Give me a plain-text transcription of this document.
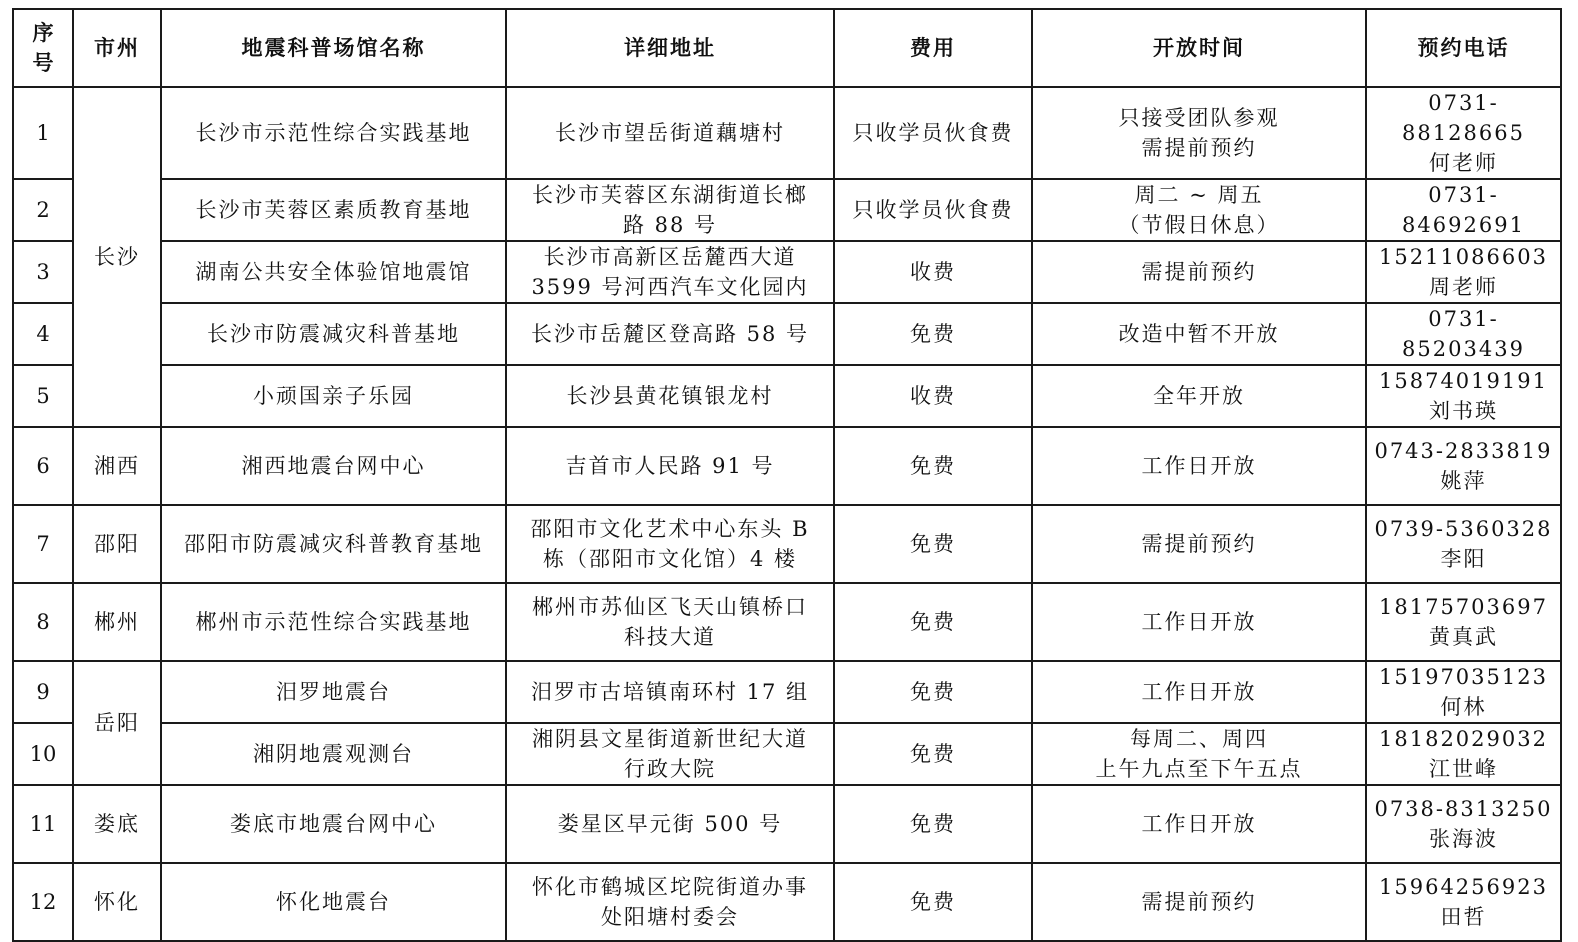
序
号	市州	地震科普场馆名称	详细地址	费用	开放时间	预约电话
1	长沙	长沙市示范性综合实践基地	长沙市望岳街道藕塘村	只收学员伙食费	只接受团队参观
需提前预约	0731-88128665
何老师

2		长沙市芙蓉区素质教育基地	长沙市芙蓉区东湖街道长榔
路 88 号	只收学员伙食费	周二 ~ 周五
（节假日休息）	0731-84692691

3		湖南公共安全体验馆地震馆	长沙市高新区岳麓西大道
3599 号河西汽车文化园内	收费	需提前预约	15211086603
周老师

4		长沙市防震减灾科普基地	长沙市岳麓区登高路 58 号	免费	改造中暂不开放	0731-85203439

5		小顽国亲子乐园	长沙县黄花镇银龙村	收费	全年开放	15874019191
刘书瑛

6	湘西	湘西地震台网中心	吉首市人民路 91 号	免费	工作日开放	0743-2833819
姚萍

7	邵阳	邵阳市防震减灾科普教育基地	邵阳市文化艺术中心东头 B
栋（邵阳市文化馆）4 楼	免费	需提前预约	0739-5360328
李阳

8	郴州	郴州市示范性综合实践基地	郴州市苏仙区飞天山镇桥口
科技大道	免费	工作日开放	18175703697
黄真武

9	岳阳	汨罗地震台	汨罗市古培镇南环村 17 组	免费	工作日开放	15197035123
何林

10		湘阴地震观测台	湘阴县文星街道新世纪大道
行政大院	免费	每周二、周四
上午九点至下午五点	18182029032
江世峰

11	娄底	娄底市地震台网中心	娄星区早元街 500 号	免费	工作日开放	0738-8313250
张海波

12	怀化	怀化地震台	怀化市鹤城区坨院街道办事
处阳塘村委会	免费	需提前预约	15964256923
田哲
